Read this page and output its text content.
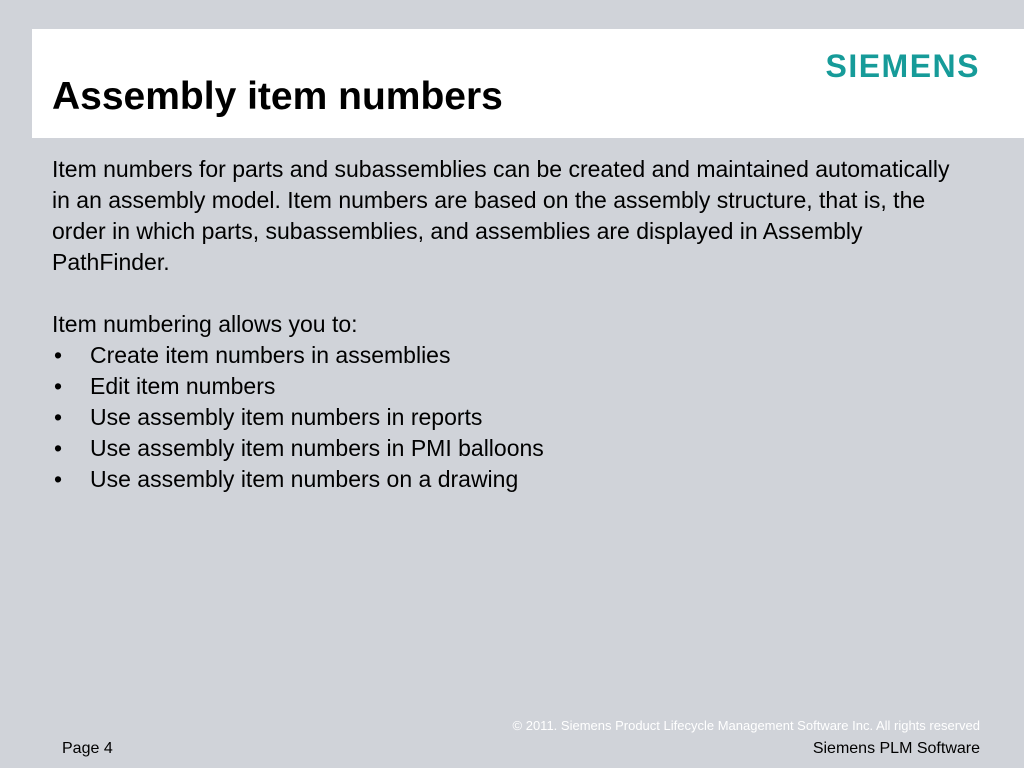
SIEMENS
Assembly item numbers

Item numbers for parts and subassemblies can be created and maintained automatically in an assembly model. Item numbers are based on the assembly structure, that is, the order in which parts, subassemblies, and assemblies are displayed in Assembly PathFinder.

Item numbering allows you to:

• Create item numbers in assemblies
• Edit item numbers
• Use assembly item numbers in reports
• Use assembly item numbers in PMI balloons
• Use assembly item numbers on a drawing
© 2011. Siemens Product Lifecycle Management Software Inc. All rights reserved
Page 4	Siemens PLM Software
